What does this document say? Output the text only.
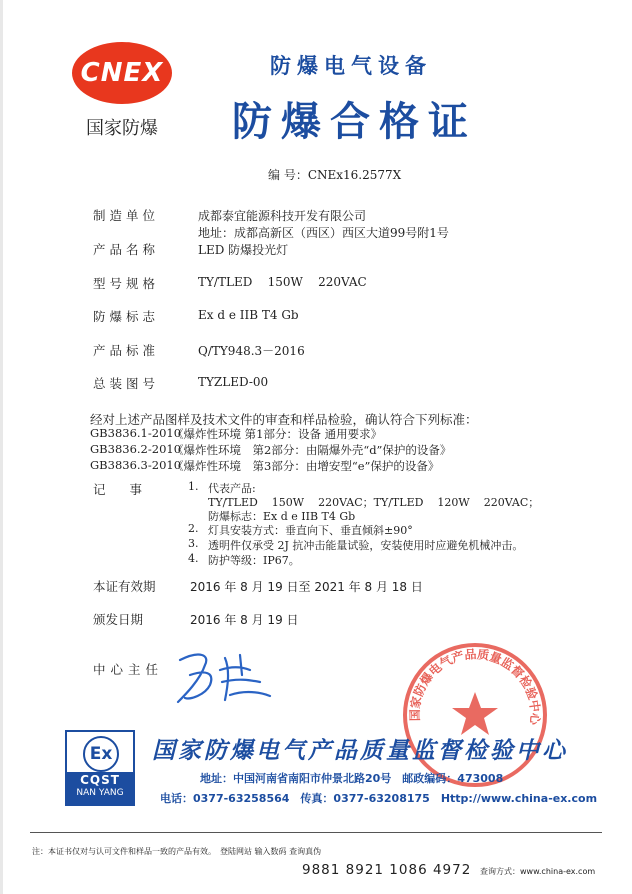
CNEX
国家防爆
防爆电气设备
防爆合格证
编 号：CNEx16.2577X
制造单位	成都泰宜能源科技开发有限公司
地址：成都高新区（西区）西区大道99号附1号
产品名称	LED 防爆投光灯
型号规格	TY/TLED    150W    220VAC
防爆标志	Ex d e IIB T4 Gb
产品标准	Q/TY948.3－2016
总装图号	TYZLED-00
经对上述产品图样及技术文件的审查和样品检验，确认符合下列标准：
GB3836.1-2010
《爆炸性环境 第1部分：设备 通用要求》
GB3836.2-2010
《爆炸性环境　第2部分：由隔爆外壳“d”保护的设备》
GB3836.3-2010
《爆炸性环境　第3部分：由增安型“e”保护的设备》
记 事	1. 代表产品:
TY/TLED    150W    220VAC；TY/TLED    120W    220VAC；
防爆标志：Ex d e IIB T4 Gb
2. 灯具安装方式：垂直向下、垂直倾斜±90°
3. 透明件仅承受 2J 抗冲击能量试验，安装使用时应避免机械冲击。
4. 防护等级：IP67。
本证有效期	2016 年 8 月 19 日至 2021 年 8 月 18 日
颁发日期	2016 年 8 月 19 日
中心主任
国家防爆电气产品质量监督检验中心
Ex
CQST
NAN YANG
国家防爆电气产品质量监督检验中心
地址：中国河南省南阳市仲景北路20号　邮政编码：473008
电话：0377-63258564　传真：0377-63208175　Http://www.china-ex.com
注：本证书仅对与认可文件和样品一致的产品有效。　登陆网站 输入数码 查询真伪
9881 8921 1086 4972 查询方式：www.china-ex.com
